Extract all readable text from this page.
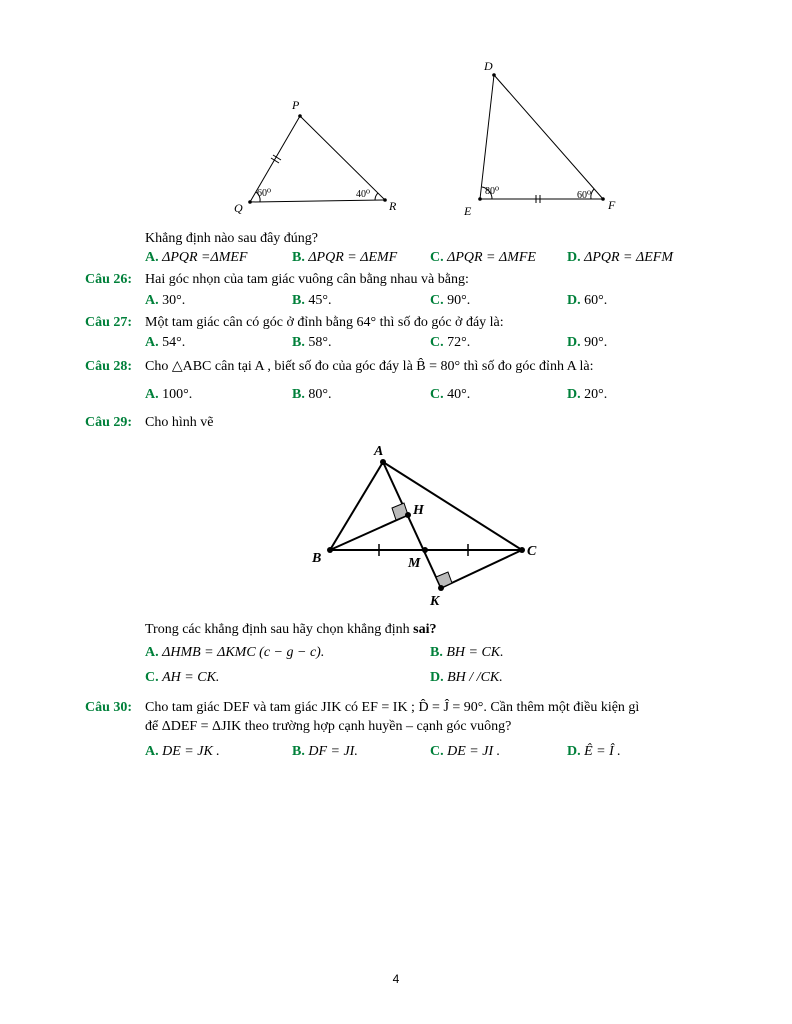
P
Q	R
60⁰	40⁰
D
E	F
80⁰	60⁰
Khẳng định nào sau đây đúng?
A. ΔPQR =ΔMEF	B. ΔPQR = ΔEMF C. ΔPQR = ΔMFE D. ΔPQR = ΔEFM
Câu 26: Hai góc nhọn của tam giác vuông cân bằng nhau và bằng:
A. 30°.	B. 45°.	C. 90°.	D. 60°.
Câu 27: Một tam giác cân có góc ở đỉnh bằng 64° thì số đo góc ở đáy là:
A. 54°.	B. 58°.	C. 72°.	D. 90°.
Câu 28: Cho △ABC cân tại A , biết số đo của góc đáy là B̂ = 80° thì số đo góc đỉnh A là:
A. 100°.	B. 80°.	C. 40°.	D. 20°.
Câu 29: Cho hình vẽ
A
B	C
H
M
K
Trong các khẳng định sau hãy chọn khẳng định sai?
A. ΔHMB = ΔKMC (c − g − c).	B. BH = CK.
C. AH = CK.	D. BH / /CK.
Câu 30: Cho tam giác DEF và tam giác JIK có EF = IK ; D̂ = Ĵ = 90°. Cần thêm một điều kiện gì
để ΔDEF = ΔJIK theo trường hợp cạnh huyền – cạnh góc vuông?
A. DE = JK .	B. DF = JI.	C. DE = JI .	D. Ê = Î .
4
